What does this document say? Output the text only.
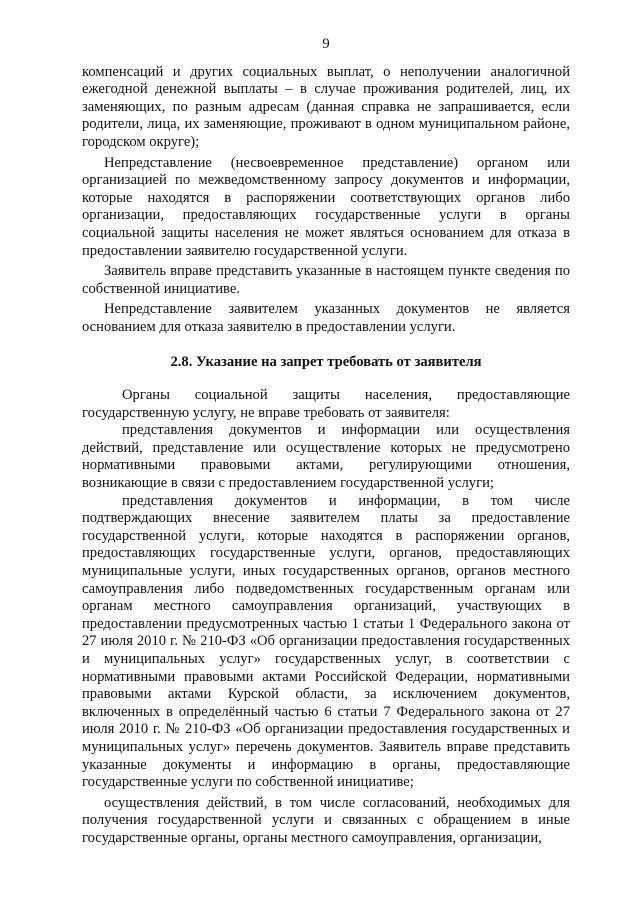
9

компенсаций и других социальных выплат, о неполучении аналогичной ежегодной денежной выплаты – в случае проживания родителей, лиц, их заменяющих, по разным адресам (данная справка не запрашивается, если родители, лица, их заменяющие, проживают в одном муниципальном районе, городском округе);

Непредставление (несвоевременное представление) органом или организацией по межведомственному запросу документов и информации, которые находятся в распоряжении соответствующих органов либо организации, предоставляющих государственные услуги в органы социальной защиты населения не может являться основанием для отказа в предоставлении заявителю государственной услуги.

Заявитель вправе представить указанные в настоящем пункте сведения по собственной инициативе.

Непредставление заявителем указанных документов не является основанием для отказа заявителю в предоставлении услуги.

2.8. Указание на запрет требовать от заявителя

Органы социальной защиты населения, предоставляющие государственную услугу, не вправе требовать от заявителя:

представления документов и информации или осуществления действий, представление или осуществление которых не предусмотрено нормативными правовыми актами, регулирующими отношения, возникающие в связи с предоставлением государственной услуги;

представления документов и информации, в том числе подтверждающих внесение заявителем платы за предоставление государственной услуги, которые находятся в распоряжении органов, предоставляющих государственные услуги, органов, предоставляющих муниципальные услуги, иных государственных органов, органов местного самоуправления либо подведомственных государственным органам или органам местного самоуправления организаций, участвующих в предоставлении предусмотренных частью 1 статьи 1 Федерального закона от 27 июля 2010 г. № 210-ФЗ «Об организации предоставления государственных и муниципальных услуг» государственных услуг, в соответствии с нормативными правовыми актами Российской Федерации, нормативными правовыми актами Курской области, за исключением документов, включенных в определённый частью 6 статьи 7 Федерального закона от 27 июля 2010 г. № 210-ФЗ «Об организации предоставления государственных и муниципальных услуг» перечень документов. Заявитель вправе представить указанные документы и информацию в органы, предоставляющие государственные услуги по собственной инициативе;

осуществления действий, в том числе согласований, необходимых для получения государственной услуги и связанных с обращением в иные государственные органы, органы местного самоуправления, организации,
